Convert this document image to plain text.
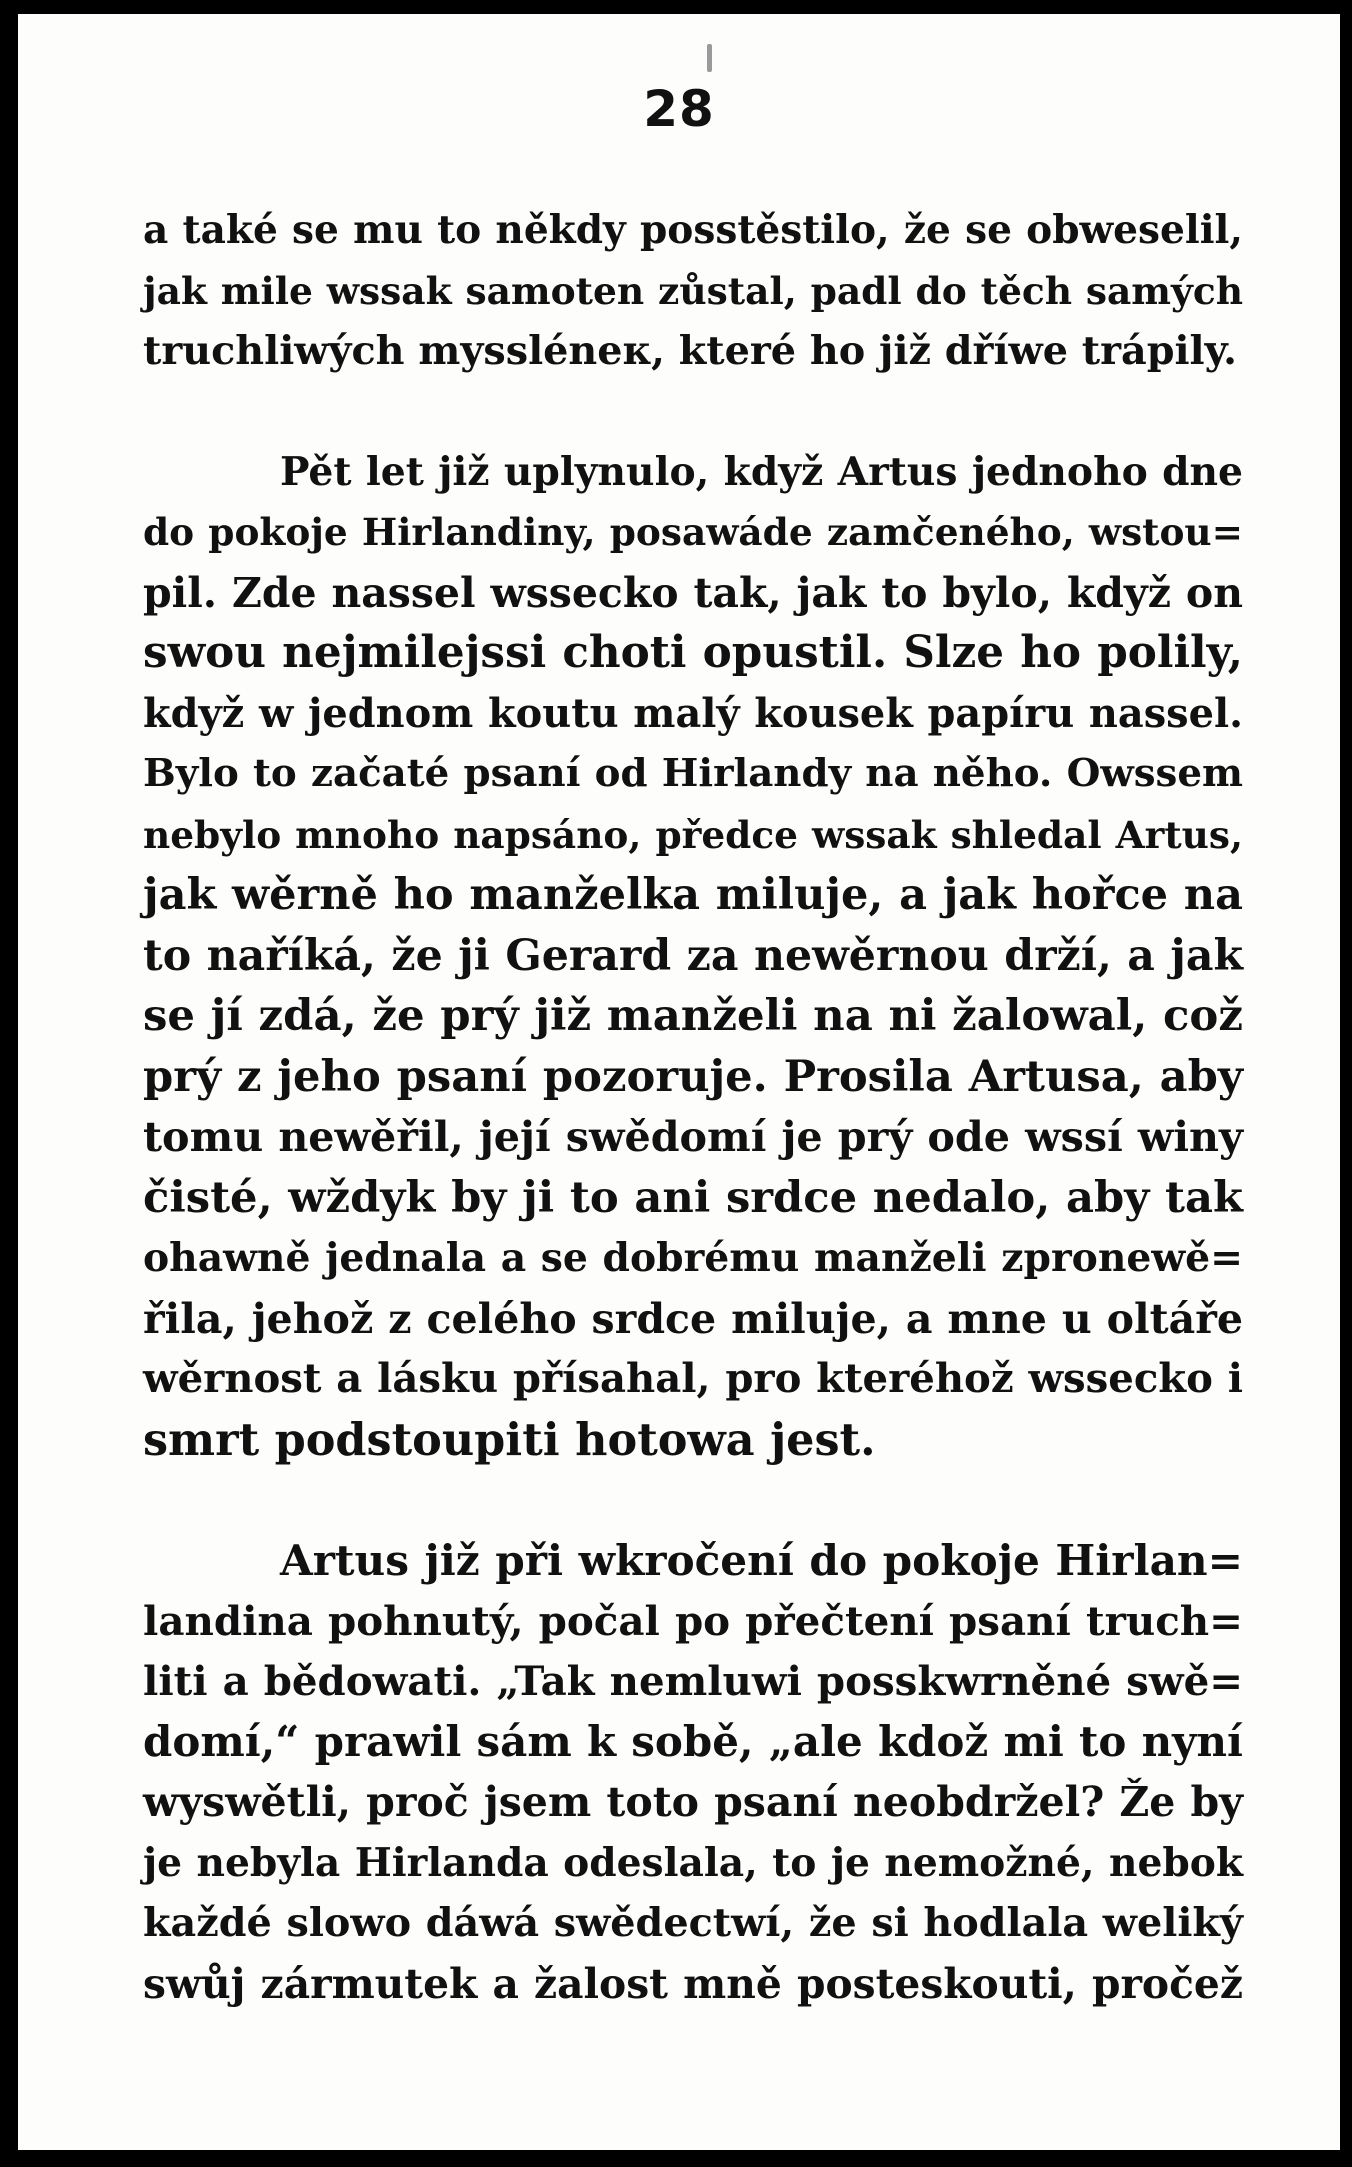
28

a také se mu to někdy posstěstilo, že se obweselil,
jak mile wssak samoten zůstal, padl do těch samých
truchliwých myssléneк, které ho již dříwe trápily.

Pět let již uplynulo, když Artus jednoho dne
do pokoje Hirlandiny, posawáde zamčeného, wstou=
pil. Zde nassel wssecko tak, jak to bylo, když on
swou nejmilejssi choti opustil. Slze ho polily,
když w jednom koutu malý kousek papíru nassel.
Bylo to začaté psaní od Hirlandy na něho. Owssem
nebylo mnoho napsáno, předce wssak shledal Artus,
jak wěrně ho manželka miluje, a jak hořce na
to naříká, že ji Gerard za newěrnou drží, a jak
se jí zdá, že prý již manželi na ni žalowal, což
prý z jeho psaní pozoruje. Prosila Artusa, aby
tomu newěřil, její swědomí je prý ode wssí winy
čisté, wždyk by ji to ani srdce nedalo, aby tak
ohawně jednala a se dobrému manželi zpronewě=
řila, jehož z celého srdce miluje, a mne u oltáře
wěrnost a lásku přísahal, pro kteréhož wssecko i
smrt podstoupiti hotowa jest.

Artus již při wkročení do pokoje Hirlan=
landina pohnutý, počal po přečtení psaní truch=
liti a bědowati. „Tak nemluwi posskwrněné swě=
domí,“ prawil sám k sobě, „ale kdož mi to nyní
wyswětli, proč jsem toto psaní neobdržel? Že by
je nebyla Hirlanda odeslala, to je nemožné, nebok
každé slowo dáwá swědectwí, že si hodlala weliký
swůj zármutek a žalost mně posteskouti, pročež
